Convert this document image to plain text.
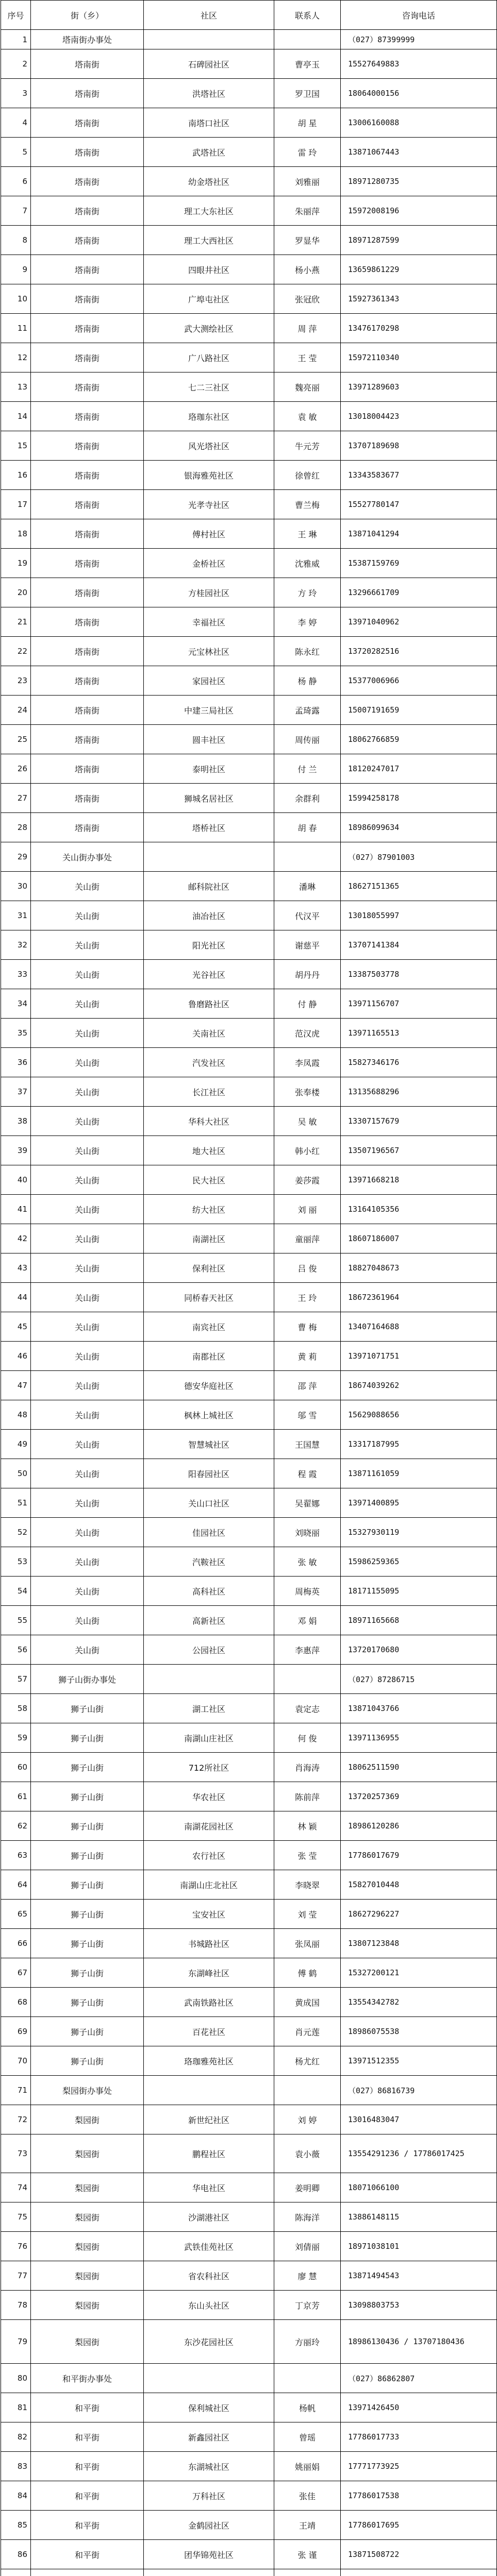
序号	街（乡）	社区	联系人	咨询电话
1	塔南街办事处			（027）87399999
2	塔南街	石碑园社区	曹亭玉	15527649883
3	塔南街	洪塔社区	罗卫国	18064000156
4	塔南街	南塔口社区	胡 星	13006160088
5	塔南街	武塔社区	雷 玲	13871067443
6	塔南街	幼金塔社区	刘雅丽	18971280735
7	塔南街	理工大东社区	朱丽萍	15972008196
8	塔南街	理工大西社区	罗显华	18971287599
9	塔南街	四眼井社区	杨小燕	13659861229
10	塔南街	广埠屯社区	张冠欣	15927361343
11	塔南街	武大测绘社区	周 萍	13476170298
12	塔南街	广八路社区	王 莹	15972110340
13	塔南街	七二三社区	魏亮丽	13971289603
14	塔南街	珞珈东社区	袁 敏	13018004423
15	塔南街	风光塔社区	牛元芳	13707189698
16	塔南街	银海雅苑社区	徐曾红	13343583677
17	塔南街	光孝寺社区	曹兰梅	15527780147
18	塔南街	傅村社区	王 琳	13871041294
19	塔南街	金桥社区	沈雅威	15387159769
20	塔南街	方桂园社区	方 玲	13296661709
21	塔南街	幸福社区	李 婷	13971040962
22	塔南街	元宝林社区	陈永红	13720282516
23	塔南街	家园社区	杨 静	15377006966
24	塔南街	中建三局社区	孟琦露	15007191659
25	塔南街	圆丰社区	周传丽	18062766859
26	塔南街	泰明社区	付 兰	18120247017
27	塔南街	狮城名居社区	余群利	15994258178
28	塔南街	塔桥社区	胡 春	18986099634
29	关山街办事处			（027）87901003
30	关山街	邮科院社区	潘琳	18627151365
31	关山街	油冶社区	代汉平	13018055997
32	关山街	阳光社区	谢慈平	13707141384
33	关山街	光谷社区	胡丹丹	13387503778
34	关山街	鲁磨路社区	付 静	13971156707
35	关山街	关南社区	范汉虎	13971165513
36	关山街	汽发社区	李凤霞	15827346176
37	关山街	长江社区	张奉楼	13135688296
38	关山街	华科大社区	吴 敏	13307157679
39	关山街	地大社区	韩小红	13507196567
40	关山街	民大社区	姜莎霞	13971668218
41	关山街	纺大社区	刘 丽	13164105356
42	关山街	南湖社区	童丽萍	18607186007
43	关山街	保利社区	吕 俊	18827048673
44	关山街	同桥春天社区	王 玲	18672361964
45	关山街	南宾社区	曹 梅	13407164688
46	关山街	南郡社区	黄 莉	13971071751
47	关山街	德安华庭社区	邵 萍	18674039262
48	关山街	枫林上城社区	邬 雪	15629088656
49	关山街	智慧城社区	王国慧	13317187995
50	关山街	阳春园社区	程 霞	13871161059
51	关山街	关山口社区	吴翟娜	13971400895
52	关山街	佳园社区	刘晓丽	15327930119
53	关山街	汽鞍社区	张 敏	15986259365
54	关山街	高科社区	周梅英	18171155095
55	关山街	高新社区	邓 娟	18971165668
56	关山街	公园社区	李惠萍	13720170680
57	狮子山街办事处			（027）87286715
58	狮子山街	湖工社区	袁定志	13871043766
59	狮子山街	南湖山庄社区	何 俊	13971136955
60	狮子山街	712所社区	肖海涛	18062511590
61	狮子山街	华农社区	陈前萍	13720257369
62	狮子山街	南湖花园社区	林 颖	18986120286
63	狮子山街	农行社区	张 莹	17786017679
64	狮子山街	南湖山庄北社区	李晓翠	15827010448
65	狮子山街	宝安社区	刘 莹	18627296227
66	狮子山街	书城路社区	张凤丽	13807123848
67	狮子山街	东湖峰社区	傅 鹤	15327200121
68	狮子山街	武南铁路社区	黄成国	13554342782
69	狮子山街	百花社区	肖元莲	18986075538
70	狮子山街	珞珈雅苑社区	杨尤红	13971512355
71	梨园街办事处			（027）86816739
72	梨园街	新世纪社区	刘 婷	13016483047
73	梨园街	鹏程社区	袁小薇	13554291236 / 17786017425
74	梨园街	华电社区	姜明卿	18071066100
75	梨园街	沙湖港社区	陈海洋	13886148115
76	梨园街	武铁佳苑社区	刘倩丽	18971038101
77	梨园街	省农科社区	廖 慧	13871494543
78	梨园街	东山头社区	丁京芳	13098803753
79	梨园街	东沙花园社区	方丽玲	18986130436 / 13707180436
80	和平街办事处			（027）86862807
81	和平街	保利城社区	杨帆	13971426450
82	和平街	新鑫园社区	曾瑶	17786017733
83	和平街	东湖城社区	姚丽娟	17771773925
84	和平街	万科社区	张佳	17786017538
85	和平街	金鹤园社区	王靖	17786017695
86	和平街	团华锦苑社区	张 谨	13871508722
